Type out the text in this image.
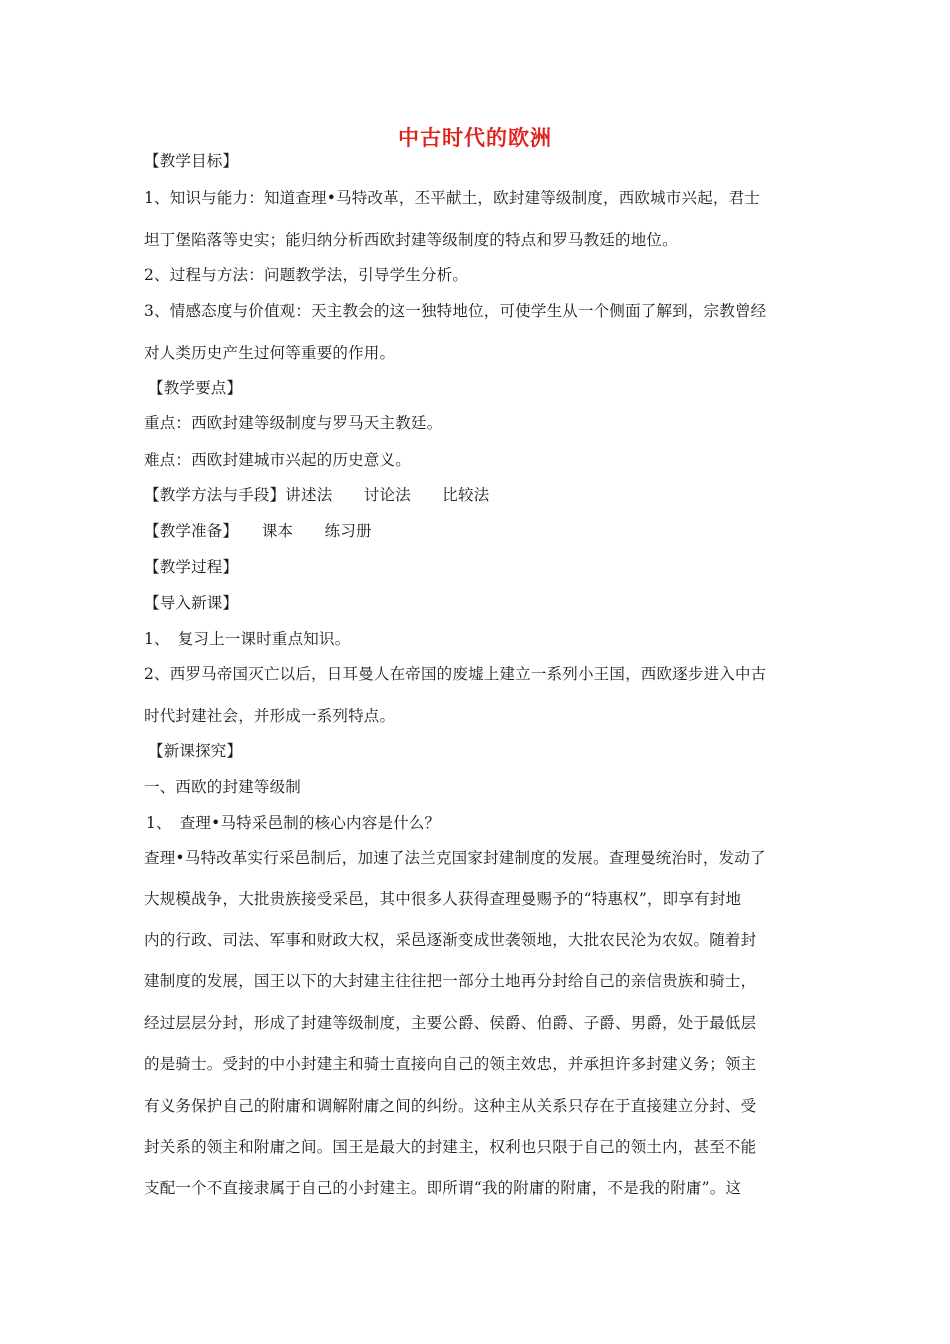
中古时代的欧洲
【教学目标】
1、知识与能力：知道查理•马特改革，丕平献土，欧封建等级制度，西欧城市兴起，君士
坦丁堡陷落等史实；能归纳分析西欧封建等级制度的特点和罗马教廷的地位。
2、过程与方法：问题教学法，引导学生分析。
3、情感态度与价值观：天主教会的这一独特地位，可使学生从一个侧面了解到，宗教曾经
对人类历史产生过何等重要的作用。
【教学要点】
重点：西欧封建等级制度与罗马天主教廷。
难点：西欧封建城市兴起的历史意义。
【教学方法与手段】讲述法　　讨论法　　比较法
【教学准备】　　课本　　练习册
【教学过程】
【导入新课】
1、　复习上一课时重点知识。
2、西罗马帝国灭亡以后，日耳曼人在帝国的废墟上建立一系列小王国，西欧逐步进入中古
时代封建社会，并形成一系列特点。
【新课探究】
一、西欧的封建等级制
1、　查理•马特采邑制的核心内容是什么？
查理•马特改革实行采邑制后，加速了法兰克国家封建制度的发展。查理曼统治时，发动了
大规模战争，大批贵族接受采邑，其中很多人获得查理曼赐予的“特惠权”，即享有封地
内的行政、司法、军事和财政大权，采邑逐渐变成世袭领地，大批农民沦为农奴。随着封
建制度的发展，国王以下的大封建主往往把一部分土地再分封给自己的亲信贵族和骑士，
经过层层分封，形成了封建等级制度，主要公爵、侯爵、伯爵、子爵、男爵，处于最低层
的是骑士。受封的中小封建主和骑士直接向自己的领主效忠，并承担许多封建义务；领主
有义务保护自己的附庸和调解附庸之间的纠纷。这种主从关系只存在于直接建立分封、受
封关系的领主和附庸之间。国王是最大的封建主，权利也只限于自己的领土内，甚至不能
支配一个不直接隶属于自己的小封建主。即所谓“我的附庸的附庸，不是我的附庸”。这
